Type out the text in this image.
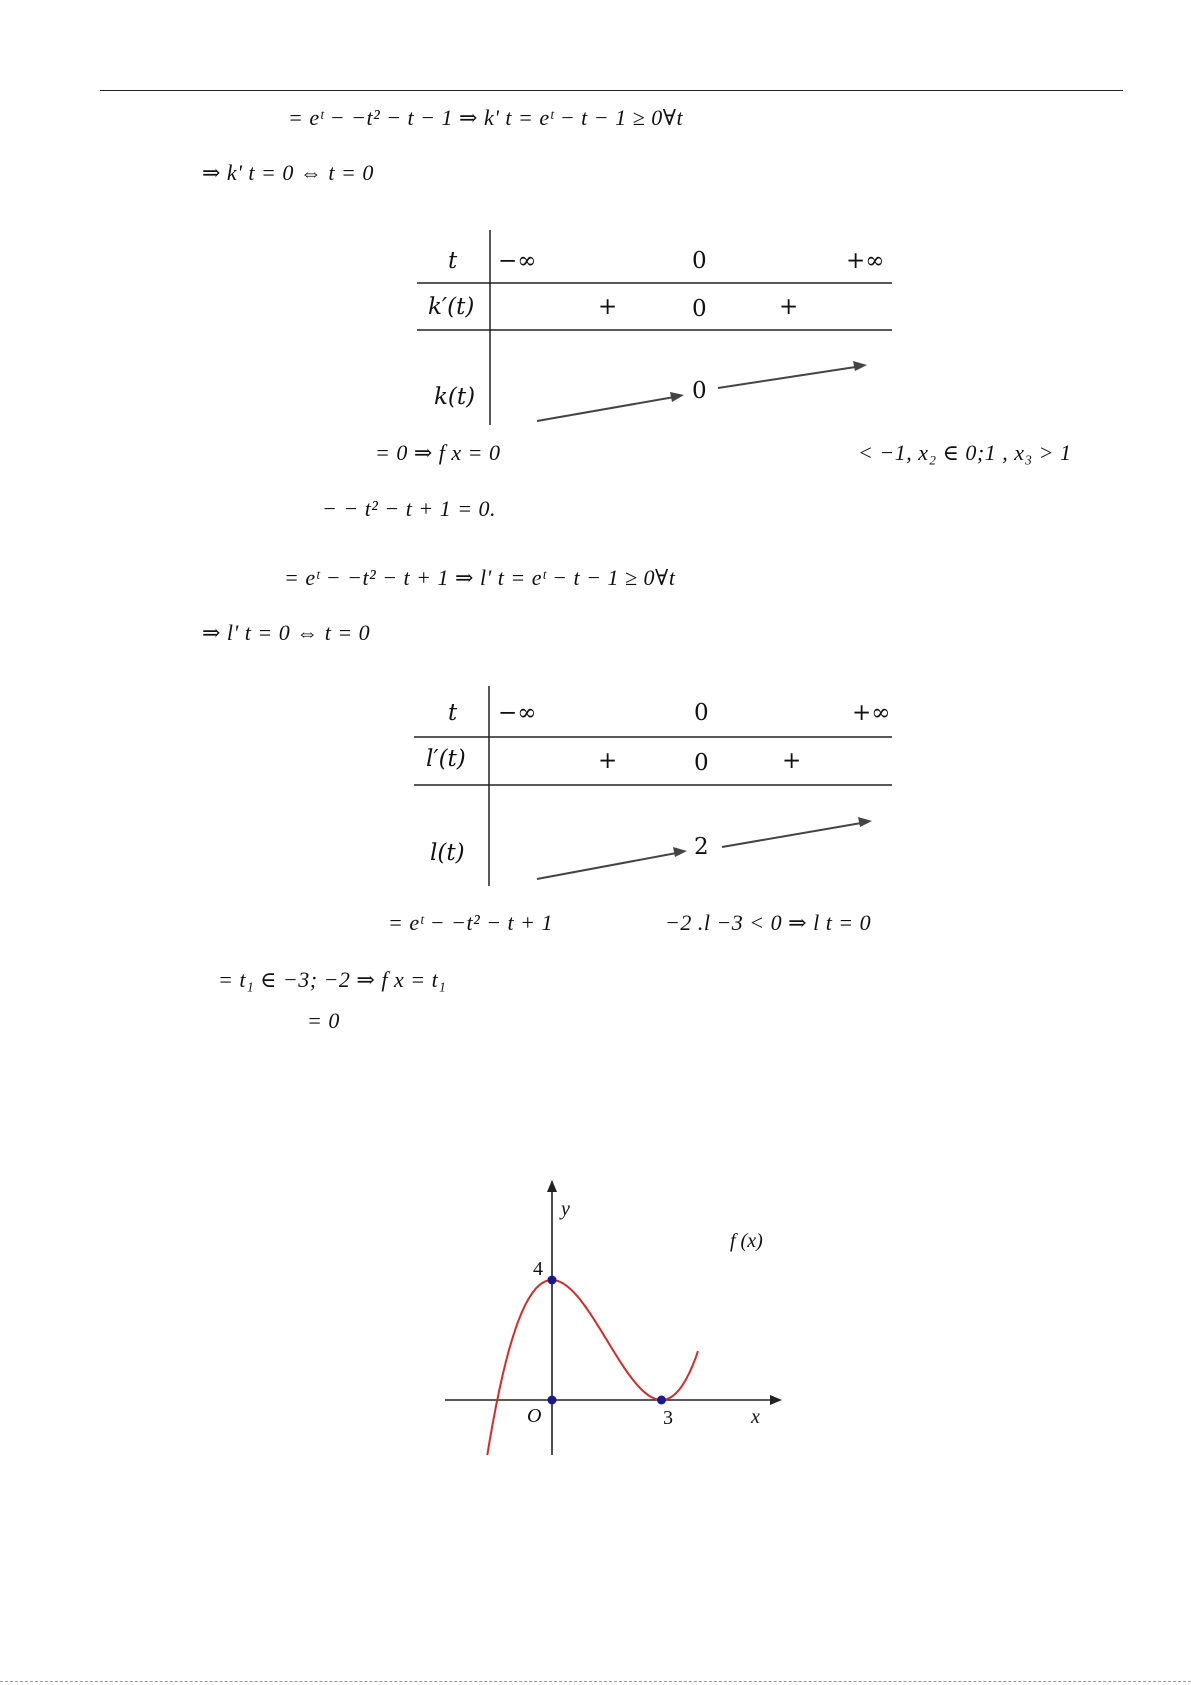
= eᵗ − −t² − t − 1 ⇒ k' t = eᵗ − t − 1 ≥ 0∀t
⇒ k' t = 0 ⇔ t = 0
t −∞	0	+∞
k′(t)	+	0	+
k(t)	0
= 0 ⇒ f x = 0	< −1, x₂ ∈ 0;1 , x₃ > 1
− − t² − t + 1 = 0.
= eᵗ − −t² − t + 1 ⇒ l' t = eᵗ − t − 1 ≥ 0∀t
⇒ l' t = 0 ⇔ t = 0
t −∞	0	+∞
l′(t)	+	0	+
l(t)	2
= eᵗ − −t² − t + 1	−2 .l −3 < 0 ⇒ l t = 0
= t₁ ∈ −3; −2 ⇒ f x = t₁
= 0
y
x
O
4
3
f (x)
